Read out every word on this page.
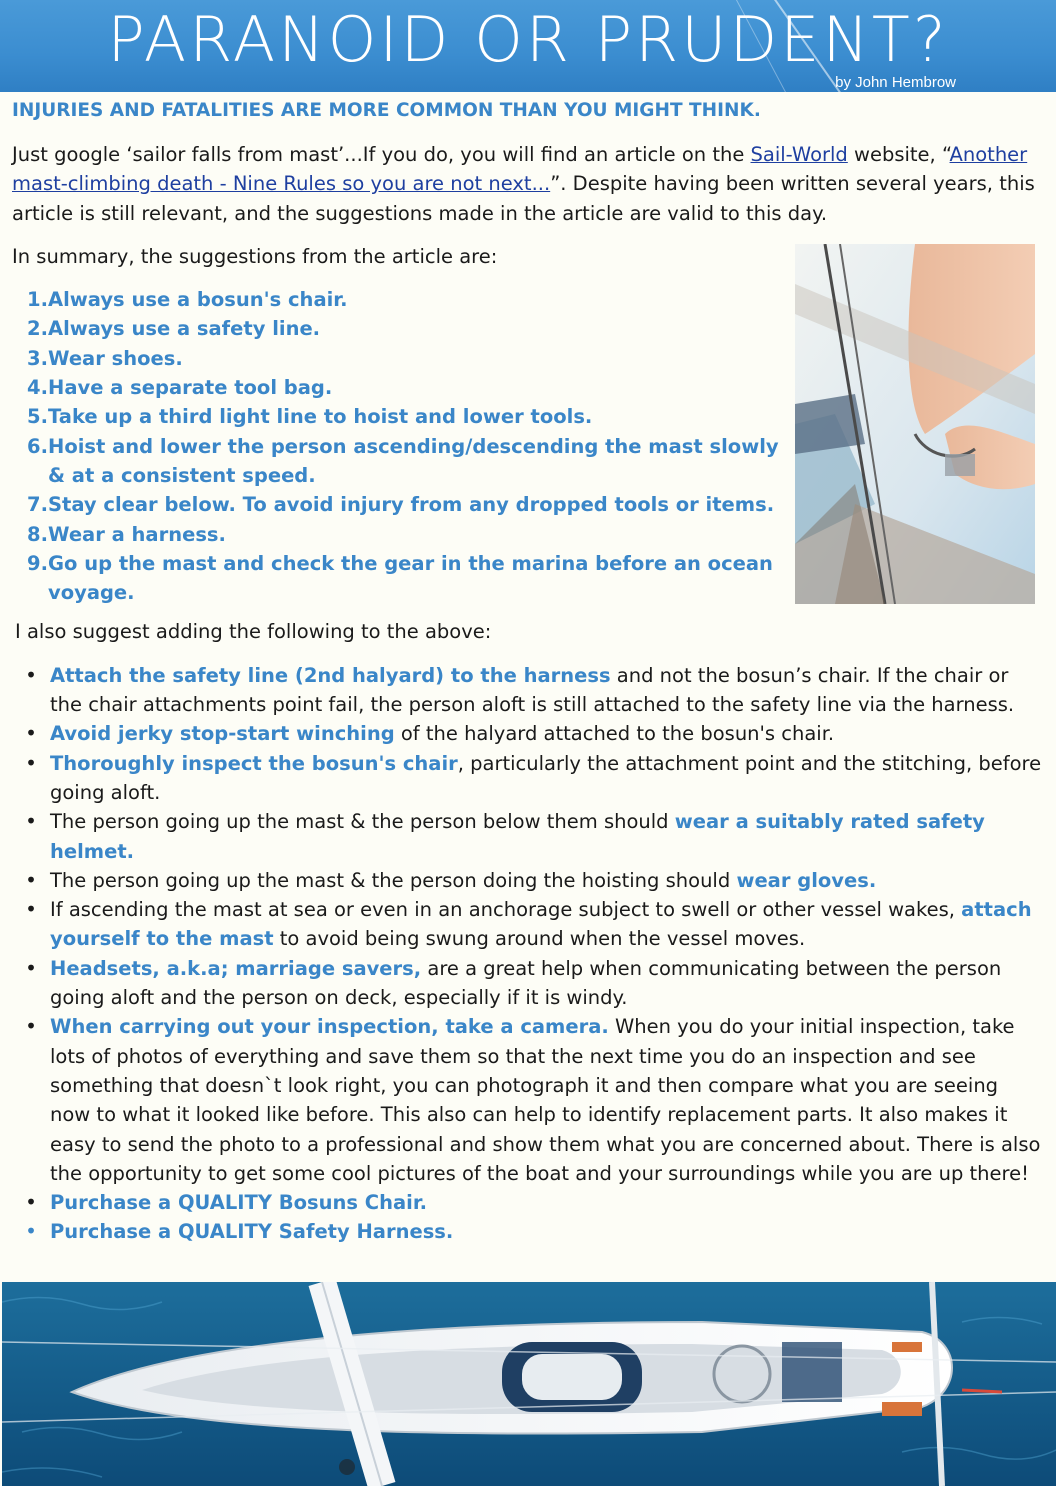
PARANOID OR PRUDENT?
by John Hembrow

INJURIES AND FATALITIES ARE MORE COMMON THAN YOU MIGHT THINK.

Just google ‘sailor falls from mast’...If you do, you will find an article on the Sail-World website, “Another mast-climbing death - Nine Rules so you are not next...”. Despite having been written several years, this article is still relevant, and the suggestions made in the article are valid to this day.

In summary, the suggestions from the article are:

1. Always use a bosun's chair.
2. Always use a safety line.
3. Wear shoes.
4. Have a separate tool bag.
5. Take up a third light line to hoist and lower tools.
6. Hoist and lower the person ascending/descending the mast slowly & at a consistent speed.
7. Stay clear below. To avoid injury from any dropped tools or items.
8. Wear a harness.
9. Go up the mast and check the gear in the marina before an ocean voyage.

I also suggest adding the following to the above:

• Attach the safety line (2nd halyard) to the harness and not the bosun’s chair. If the chair or the chair attachments point fail, the person aloft is still attached to the safety line via the harness.
• Avoid jerky stop-start winching of the halyard attached to the bosun's chair.
• Thoroughly inspect the bosun's chair, particularly the attachment point and the stitching, before going aloft.
• The person going up the mast & the person below them should wear a suitably rated safety helmet.
• The person going up the mast & the person doing the hoisting should wear gloves.
• If ascending the mast at sea or even in an anchorage subject to swell or other vessel wakes, attach yourself to the mast to avoid being swung around when the vessel moves.
• Headsets, a.k.a; marriage savers, are a great help when communicating between the person going aloft and the person on deck, especially if it is windy.
• When carrying out your inspection, take a camera. When you do your initial inspection, take lots of photos of everything and save them so that the next time you do an inspection and see something that doesn`t look right, you can photograph it and then compare what you are seeing now to what it looked like before. This also can help to identify replacement parts. It also makes it easy to send the photo to a professional and show them what you are concerned about. There is also the opportunity to get some cool pictures of the boat and your surroundings while you are up there!
• Purchase a QUALITY Bosuns Chair.
• Purchase a QUALITY Safety Harness.
